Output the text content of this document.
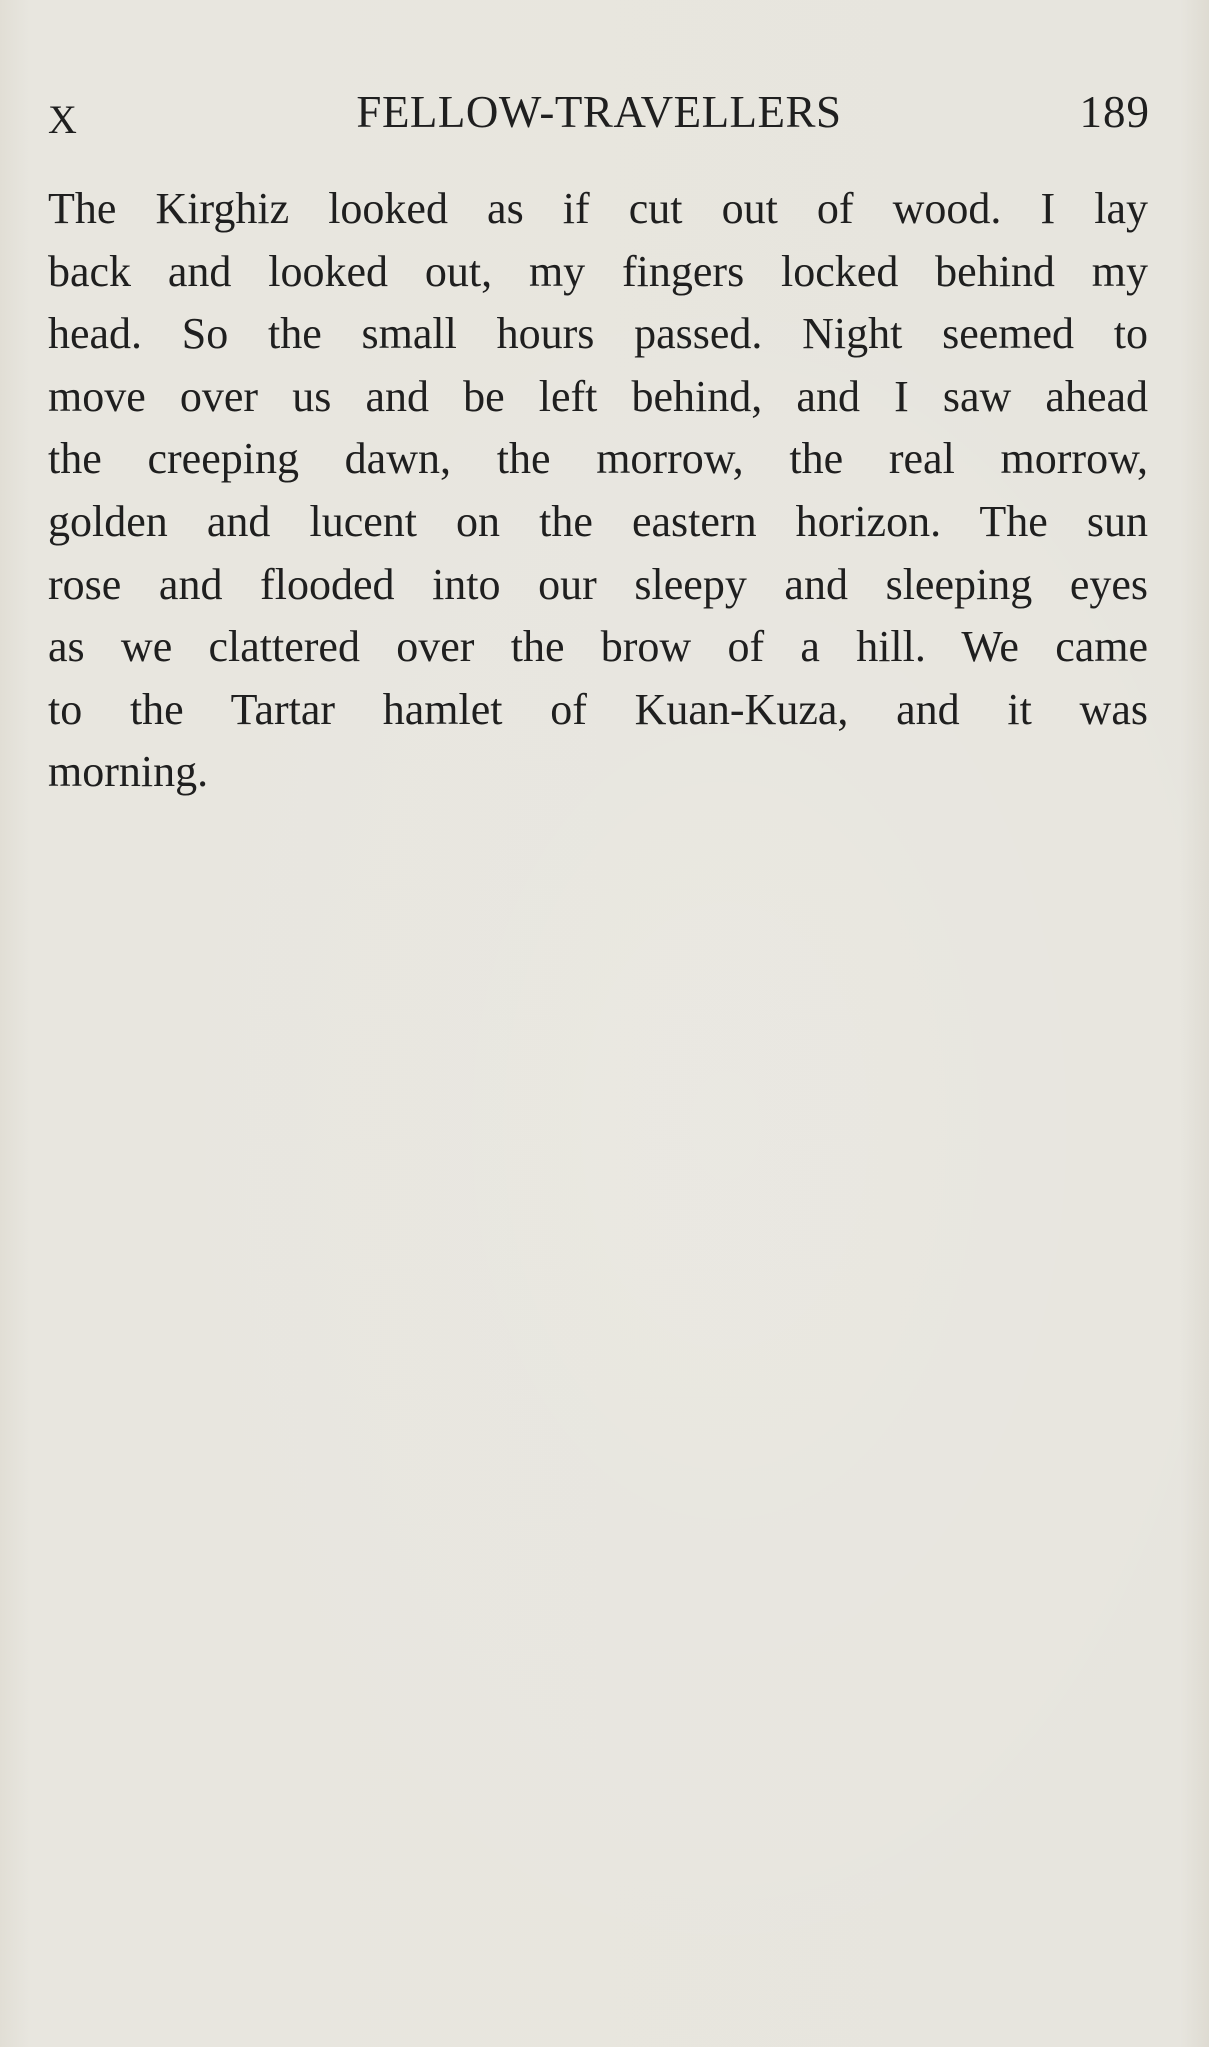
X	FELLOW-TRAVELLERS	189
The Kirghiz looked as if cut out of wood. I lay
back and looked out, my fingers locked behind my
head. So the small hours passed. Night seemed to
move over us and be left behind, and I saw ahead
the creeping dawn, the morrow, the real morrow,
golden and lucent on the eastern horizon. The sun
rose and flooded into our sleepy and sleeping eyes
as we clattered over the brow of a hill. We came
to the Tartar hamlet of Kuan-Kuza, and it was
morning.
